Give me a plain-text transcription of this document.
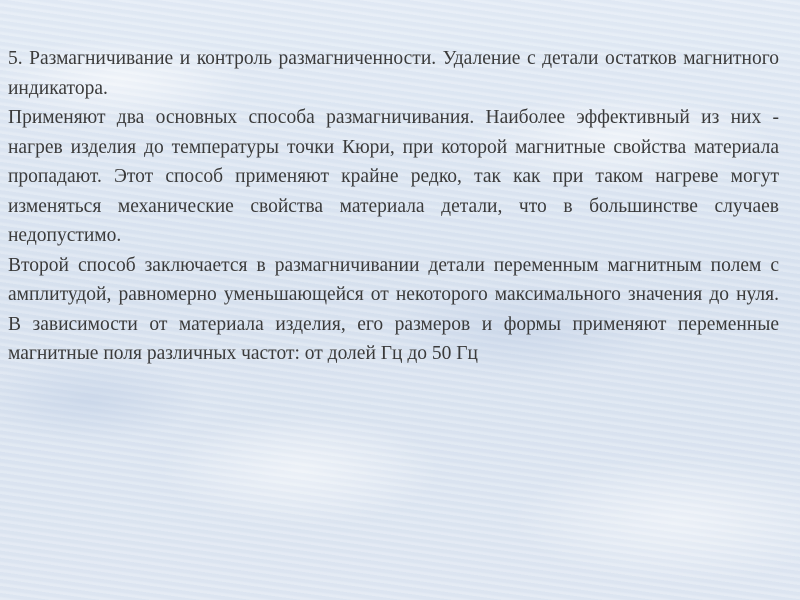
5. Размагничивание и контроль размагниченности. Удаление с детали остатков магнитного индикатора.

Применяют два основных способа размагничивания. Наиболее эффективный из них - нагрев изделия до температуры точки Кюри, при которой магнитные свойства материала пропадают. Этот способ применяют крайне редко, так как при таком нагреве могут изменяться механические свойства материала детали, что в большинстве случаев недопустимо.

Второй способ заключается в размагничивании детали переменным магнитным полем с амплитудой, равномерно уменьшающейся от некоторого максимального значения до нуля. В зависимости от материала изделия, его размеров и формы применяют переменные магнитные поля различных частот: от долей Гц до 50 Гц
